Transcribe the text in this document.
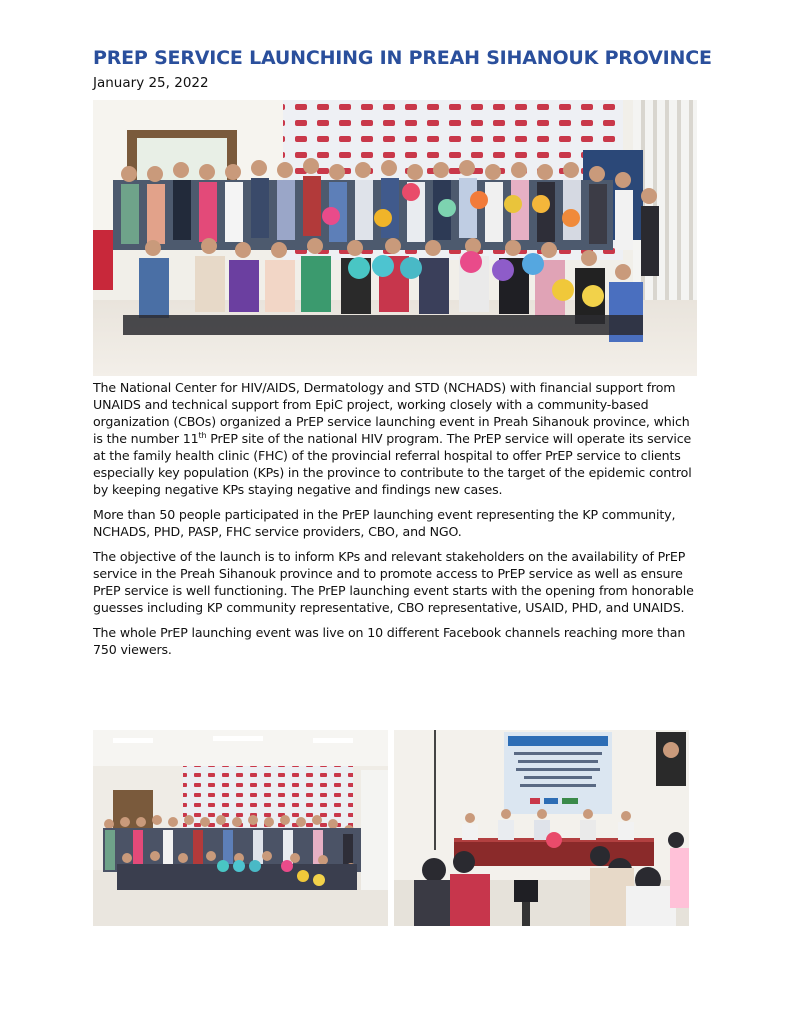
PREP SERVICE LAUNCHING IN PREAH SIHANOUK PROVINCE
January 25, 2022

The National Center for HIV/AIDS, Dermatology and STD (NCHADS) with financial support from UNAIDS and technical support from EpiC project, working closely with a community-based organization (CBOs) organized a PrEP service launching event in Preah Sihanouk province, which is the number 11th PrEP site of the national HIV program. The PrEP service will operate its service at the family health clinic (FHC) of the provincial referral hospital to offer PrEP service to clients especially key population (KPs) in the province to contribute to the target of the epidemic control by keeping negative KPs staying negative and findings new cases.

More than 50 people participated in the PrEP launching event representing the KP community, NCHADS, PHD, PASP, FHC service providers, CBO, and NGO.

The objective of the launch is to inform KPs and relevant stakeholders on the availability of PrEP service in the Preah Sihanouk province and to promote access to PrEP service as well as ensure PrEP service is well functioning. The PrEP launching event starts with the opening from honorable guesses including KP community representative, CBO representative, USAID, PHD, and UNAIDS.

The whole PrEP launching event was live on 10 different Facebook channels reaching more than 750 viewers.
